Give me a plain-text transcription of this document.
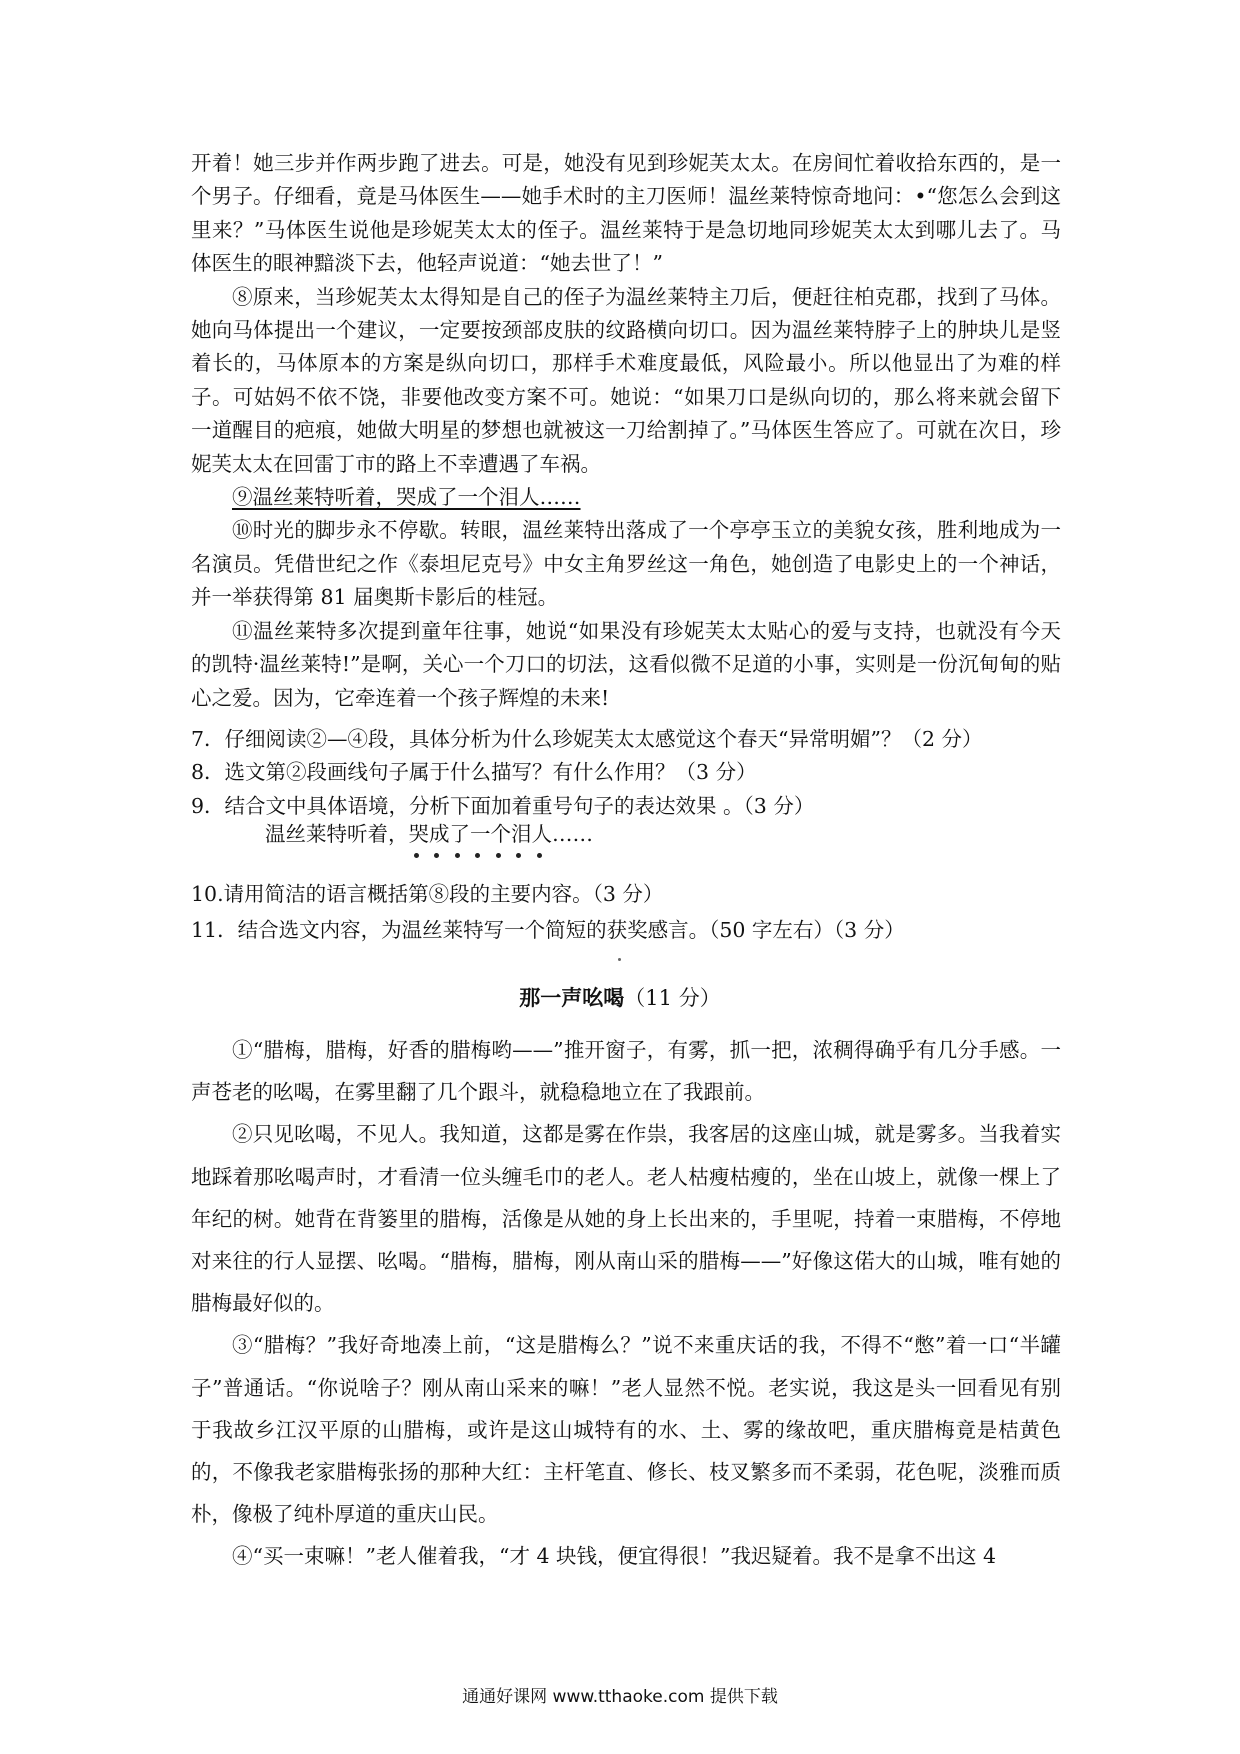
开着！她三步并作两步跑了进去。可是，她没有见到珍妮芙太太。在房间忙着收拾东西的，是一个男子。仔细看，竟是马体医生——她手术时的主刀医师！温丝莱特惊奇地问：•“您怎么会到这里来？”马体医生说他是珍妮芙太太的侄子。温丝莱特于是急切地同珍妮芙太太到哪儿去了。马体医生的眼神黯淡下去，他轻声说道：“她去世了！”

⑧原来，当珍妮芙太太得知是自己的侄子为温丝莱特主刀后，便赶往柏克郡，找到了马体。她向马体提出一个建议，一定要按颈部皮肤的纹路横向切口。因为温丝莱特脖子上的肿块儿是竖着长的，马体原本的方案是纵向切口，那样手术难度最低，风险最小。所以他显出了为难的样子。可姑妈不依不饶，非要他改变方案不可。她说：“如果刀口是纵向切的，那么将来就会留下一道醒目的疤痕，她做大明星的梦想也就被这一刀给割掉了。”马体医生答应了。可就在次日，珍妮芙太太在回雷丁市的路上不幸遭遇了车祸。

⑨温丝莱特听着，哭成了一个泪人……

⑩时光的脚步永不停歇。转眼，温丝莱特出落成了一个亭亭玉立的美貌女孩，胜利地成为一名演员。凭借世纪之作《泰坦尼克号》中女主角罗丝这一角色，她创造了电影史上的一个神话，并一举获得第 81 届奥斯卡影后的桂冠。

⑪温丝莱特多次提到童年往事，她说“如果没有珍妮芙太太贴心的爱与支持，也就没有今天的凯特·温丝莱特!”是啊，关心一个刀口的切法，这看似微不足道的小事，实则是一份沉甸甸的贴心之爱。因为，它牵连着一个孩子辉煌的未来!

7．仔细阅读②—④段，具体分析为什么珍妮芙太太感觉这个春天“异常明媚”？（2 分）

8．选文第②段画线句子属于什么描写？有什么作用？（3 分）

9．结合文中具体语境，分析下面加着重号句子的表达效果 。（3 分）

温丝莱特听着，哭成了一个泪人……

10.请用简洁的语言概括第⑧段的主要内容。（3 分）

11．结合选文内容，为温丝莱特写一个简短的获奖感言。（50 字左右）（3 分）

那一声吆喝（11 分）

①“腊梅，腊梅，好香的腊梅哟——”推开窗子，有雾，抓一把，浓稠得确乎有几分手感。一声苍老的吆喝，在雾里翻了几个跟斗，就稳稳地立在了我跟前。

②只见吆喝，不见人。我知道，这都是雾在作祟，我客居的这座山城，就是雾多。当我着实地踩着那吆喝声时，才看清一位头缠毛巾的老人。老人枯瘦枯瘦的，坐在山坡上，就像一棵上了年纪的树。她背在背篓里的腊梅，活像是从她的身上长出来的，手里呢，持着一束腊梅，不停地对来往的行人显摆、吆喝。“腊梅，腊梅，刚从南山采的腊梅——”好像这偌大的山城，唯有她的腊梅最好似的。

③“腊梅？”我好奇地凑上前，“这是腊梅么？”说不来重庆话的我，不得不“憋”着一口“半罐子”普通话。“你说啥子？刚从南山采来的嘛！”老人显然不悦。老实说，我这是头一回看见有别于我故乡江汉平原的山腊梅，或许是这山城特有的水、土、雾的缘故吧，重庆腊梅竟是桔黄色的，不像我老家腊梅张扬的那种大红：主杆笔直、修长、枝叉繁多而不柔弱，花色呢，淡雅而质朴，像极了纯朴厚道的重庆山民。

④“买一束嘛！”老人催着我，“才 4 块钱，便宜得很！”我迟疑着。我不是拿不出这 4

通通好课网 www.tthaoke.com 提供下载
